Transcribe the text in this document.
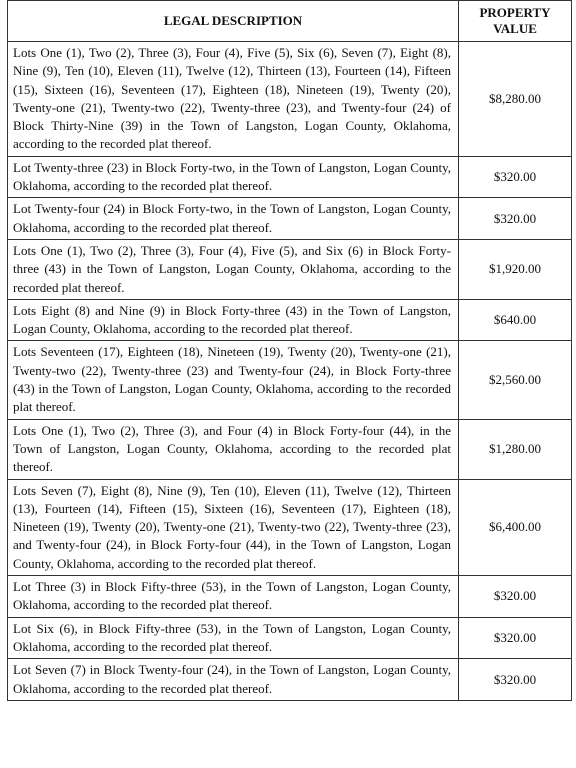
LEGAL DESCRIPTION	PROPERTY
VALUE

Lots One (1), Two (2), Three (3), Four (4), Five (5), Six (6), Seven (7), Eight (8), Nine (9), Ten (10), Eleven (11), Twelve (12), Thirteen (13), Fourteen (14), Fifteen (15), Sixteen (16), Seventeen (17), Eighteen (18), Nineteen (19), Twenty (20), Twenty-one (21), Twenty-two (22), Twenty-three (23), and Twenty-four (24) of Block Thirty-Nine (39) in the Town of Langston, Logan County, Oklahoma, according to the recorded plat thereof.	$8,280.00
Lot Twenty-three (23) in Block Forty-two, in the Town of Langston, Logan County, Oklahoma, according to the recorded plat thereof.	$320.00
Lot Twenty-four (24) in Block Forty-two, in the Town of Langston, Logan County, Oklahoma, according to the recorded plat thereof.	$320.00
Lots One (1), Two (2), Three (3), Four (4), Five (5), and Six (6) in Block Forty-three (43) in the Town of Langston, Logan County, Oklahoma, according to the recorded plat thereof.	$1,920.00
Lots Eight (8) and Nine (9) in Block Forty-three (43) in the Town of Langston, Logan County, Oklahoma, according to the recorded plat thereof.	$640.00
Lots Seventeen (17), Eighteen (18), Nineteen (19), Twenty (20), Twenty-one (21), Twenty-two (22), Twenty-three (23) and Twenty-four (24), in Block Forty-three (43) in the Town of Langston, Logan County, Oklahoma, according to the recorded plat thereof.	$2,560.00
Lots One (1), Two (2), Three (3), and Four (4) in Block Forty-four (44), in the Town of Langston, Logan County, Oklahoma, according to the recorded plat thereof.	$1,280.00
Lots Seven (7), Eight (8), Nine (9), Ten (10), Eleven (11), Twelve (12), Thirteen (13), Fourteen (14), Fifteen (15), Sixteen (16), Seventeen (17), Eighteen (18), Nineteen (19), Twenty (20), Twenty-one (21), Twenty-two (22), Twenty-three (23), and Twenty-four (24), in Block Forty-four (44), in the Town of Langston, Logan County, Oklahoma, according to the recorded plat thereof.	$6,400.00
Lot Three (3) in Block Fifty-three (53), in the Town of Langston, Logan County, Oklahoma, according to the recorded plat thereof.	$320.00
Lot Six (6), in Block Fifty-three (53), in the Town of Langston, Logan County, Oklahoma, according to the recorded plat thereof.	$320.00
Lot Seven (7) in Block Twenty-four (24), in the Town of Langston, Logan County, Oklahoma, according to the recorded plat thereof.	$320.00
